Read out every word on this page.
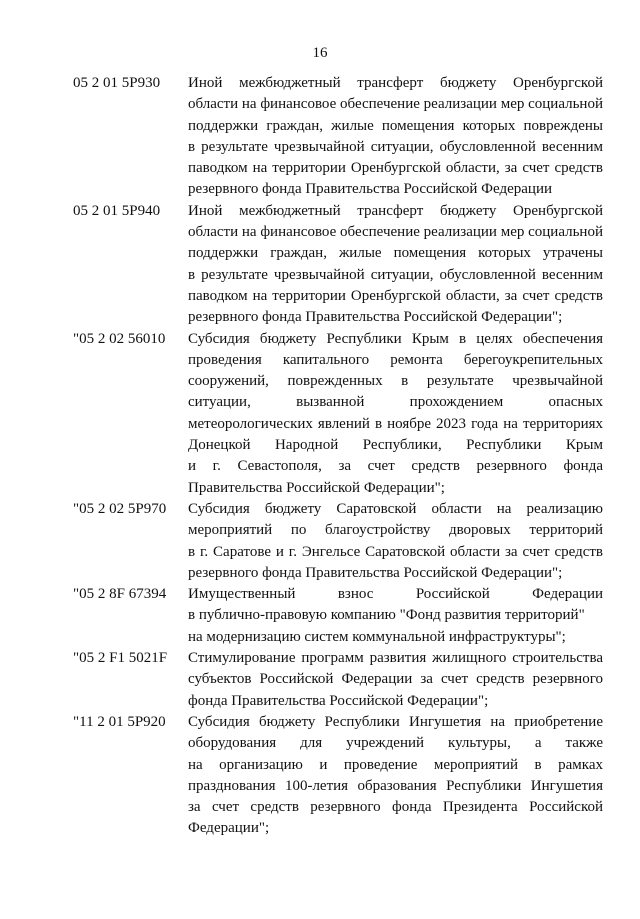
16
05 2 01 5Р930	Иной межбюджетный трансферт бюджету Оренбургской
области на финансовое обеспечение реализации мер социальной
поддержки граждан, жилые помещения которых повреждены
в результате чрезвычайной ситуации, обусловленной весенним
паводком на территории Оренбургской области, за счет средств
резервного фонда Правительства Российской Федерации
05 2 01 5Р940	Иной межбюджетный трансферт бюджету Оренбургской
области на финансовое обеспечение реализации мер социальной
поддержки граждан, жилые помещения которых утрачены
в результате чрезвычайной ситуации, обусловленной весенним
паводком на территории Оренбургской области, за счет средств
резервного фонда Правительства Российской Федерации";
"05 2 02 56010	Субсидия бюджету Республики Крым в целях обеспечения
проведения капитального ремонта берегоукрепительных
сооружений, поврежденных в результате чрезвычайной
ситуации, вызванной прохождением опасных
метеорологических явлений в ноябре 2023 года на территориях
Донецкой Народной Республики, Республики Крым
и г. Севастополя, за счет средств резервного фонда
Правительства Российской Федерации";
"05 2 02 5Р970	Субсидия бюджету Саратовской области на реализацию
мероприятий по благоустройству дворовых территорий
в г. Саратове и г. Энгельсе Саратовской области за счет средств
резервного фонда Правительства Российской Федерации";
"05 2 8F 67394	Имущественный взнос Российской Федерации
в публично-правовую компанию "Фонд развития территорий"
на модернизацию систем коммунальной инфраструктуры";
"05 2 F1 5021F	Стимулирование программ развития жилищного строительства
субъектов Российской Федерации за счет средств резервного
фонда Правительства Российской Федерации";
"11 2 01 5Р920	Субсидия бюджету Республики Ингушетия на приобретение
оборудования для учреждений культуры, а также
на организацию и проведение мероприятий в рамках
празднования 100-летия образования Республики Ингушетия
за счет средств резервного фонда Президента Российской
Федерации";
